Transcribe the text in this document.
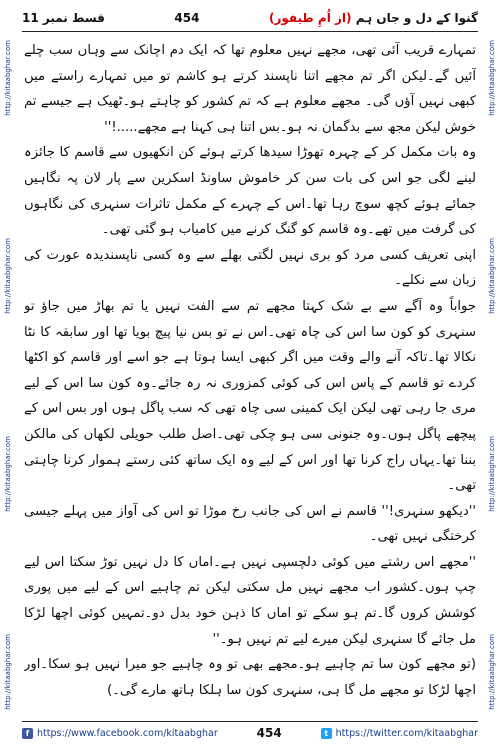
قسط نمبر 11	454	گنوا کے دل و جاں ہم (از اُمِ طیفور)
http://kitaabghar.com
http://kitaabghar.com
http://kitaabghar.com
http://kitaabghar.com
http://kitaabghar.com
http://kitaabghar.com
http://kitaabghar.com
http://kitaabghar.com

تمہارے قریب آئی تھی، مجھے نہیں معلوم تھا کہ ایک دم اچانک سے وہاں سب چلے آئیں گے۔لیکن اگر تم مجھے اتنا ناپسند کرتے ہو کاشم تو میں تمہارے راستے میں کبھی نہیں آؤں گی۔ مجھے معلوم ہے کہ تم کشور کو چاہتے ہو۔ٹھیک ہے جیسے تم خوش لیکن مجھ سے بدگمان نہ ہو۔بس اتنا ہی کہنا ہے مجھے.....!''

وہ بات مکمل کر کے چہرہ تھوڑا سیدھا کرتے ہوئے کن انکھیوں سے قاسم کا جائزہ لینے لگی جو اس کی بات سن کر خاموش ساونڈ اسکرین سے پار لان پہ نگاہیں جمائے ہوئے کچھ سوچ رہا تھا۔اس کے چہرے کے مکمل تاثرات سنہری کی نگاہوں کی گرفت میں تھے۔وہ قاسم کو گنگ کرنے میں کامیاب ہو گئی تھی۔

اپنی تعریف کسی مرد کو بری نہیں لگتی بھلے سے وہ کسی ناپسندیدہ عورت کی زبان سے نکلے۔

جواباً وہ آگے سے بے شک کہتا مجھے تم سے الفت نہیں یا تم بھاڑ میں جاؤ تو سنہری کو کون سا اس کی چاہ تھی۔اس نے تو بس نیا پیچ بویا تھا اور سابقہ کا نٹا نکالا تھا۔تاکہ آنے والے وقت میں اگر کبھی ایسا ہوتا ہے جو اسے اور قاسم کو اکٹھا کردے تو قاسم کے پاس اس کی کوئی کمزوری نہ رہ جائے۔وہ کون سا اس کے لیے مری جا رہی تھی لیکن ایک کمینی سی چاہ تھی کہ سب پاگل ہوں اور بس اس کے پیچھے پاگل ہوں۔وہ جنونی سی ہو چکی تھی۔اصل طلب حویلی لکھاں کی مالکن بننا تھا۔یہاں راج کرنا تھا اور اس کے لیے وہ ایک ساتھ کئی رستے ہموار کرنا چاہتی تھی۔

''دیکھو سنہری!'' قاسم نے اس کی جانب رخ موڑا تو اس کی آواز میں پہلے جیسی کرختگی نہیں تھی۔

''مجھے اس رشتے میں کوئی دلچسپی نہیں ہے۔اماں کا دل نہیں توڑ سکتا اس لیے چپ ہوں۔کشور اب مجھے نہیں مل سکتی لیکن تم چاہیے اس کے لیے میں پوری کوشش کروں گا۔تم ہو سکے تو اماں کا ذہن خود بدل دو۔تمہیں کوئی اچھا لڑکا مل جائے گا سنہری لیکن میرے لیے تم نہیں ہو۔''

(تو مجھے کون سا تم چاہیے ہو۔مجھے بھی تو وہ چاہیے جو میرا نہیں ہو سکا۔اور اچھا لڑکا تو مجھے مل گا ہی، سنہری کون سا ہلکا ہاتھ مارے گی۔)

f https://www.facebook.com/kitaabghar	454	t https://twitter.com/kitaabghar
